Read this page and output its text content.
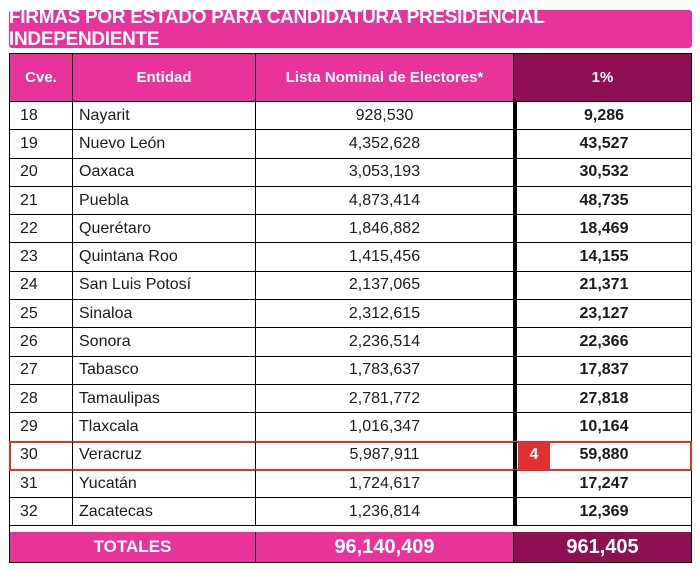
FIRMAS POR ESTADO PARA CANDIDATURA PRESIDENCIAL INDEPENDIENTE
Cve.	Entidad	Lista Nominal de Electores*	1%
18	Nayarit	928,530	9,286
19	Nuevo León	4,352,628	43,527
20	Oaxaca	3,053,193	30,532
21	Puebla	4,873,414	48,735
22	Querétaro	1,846,882	18,469
23	Quintana Roo	1,415,456	14,155
24	San Luis Potosí	2,137,065	21,371
25	Sinaloa	2,312,615	23,127
26	Sonora	2,236,514	22,366
27	Tabasco	1,783,637	17,837
28	Tamaulipas	2,781,772	27,818
29	Tlaxcala	1,016,347	10,164
30	Veracruz	5,987,911	59,880
4
31	Yucatán	1,724,617	17,247
32	Zacatecas	1,236,814	12,369
TOTALES	96,140,409	961,405
